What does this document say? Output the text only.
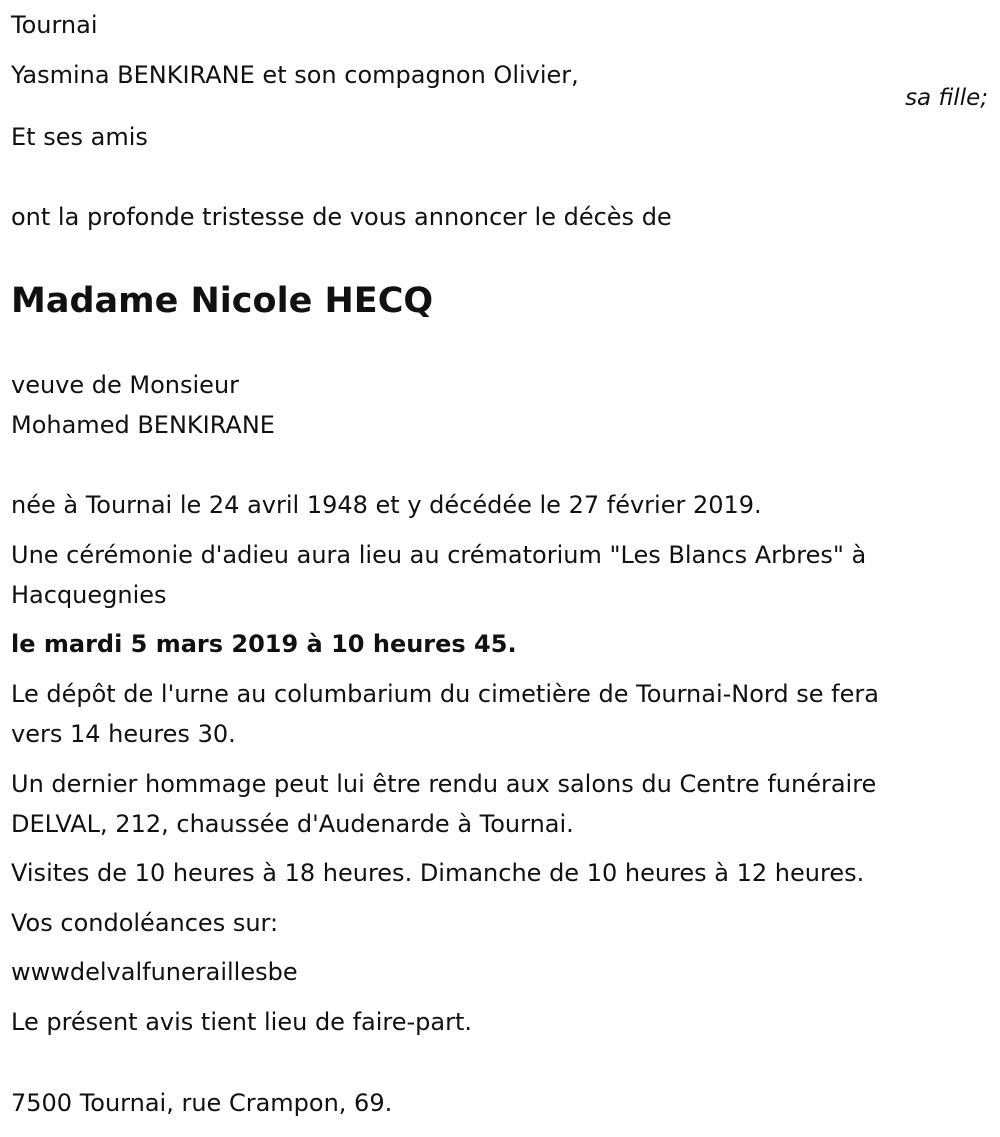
Tournai

Yasmina BENKIRANE et son compagnon Olivier,

sa fille;

Et ses amis

ont la profonde tristesse de vous annoncer le décès de

Madame Nicole HECQ

veuve de Monsieur

Mohamed BENKIRANE

née à Tournai le 24 avril 1948 et y décédée le 27 février 2019.

Une cérémonie d'adieu aura lieu au crématorium "Les Blancs Arbres" à

Hacquegnies

le mardi 5 mars 2019 à 10 heures 45.

Le dépôt de l'urne au columbarium du cimetière de Tournai-Nord se fera

vers 14 heures 30.

Un dernier hommage peut lui être rendu aux salons du Centre funéraire

DELVAL, 212, chaussée d'Audenarde à Tournai.

Visites de 10 heures à 18 heures. Dimanche de 10 heures à 12 heures.

Vos condoléances sur:

wwwdelvalfuneraillesbe

Le présent avis tient lieu de faire-part.

7500 Tournai, rue Crampon, 69.
